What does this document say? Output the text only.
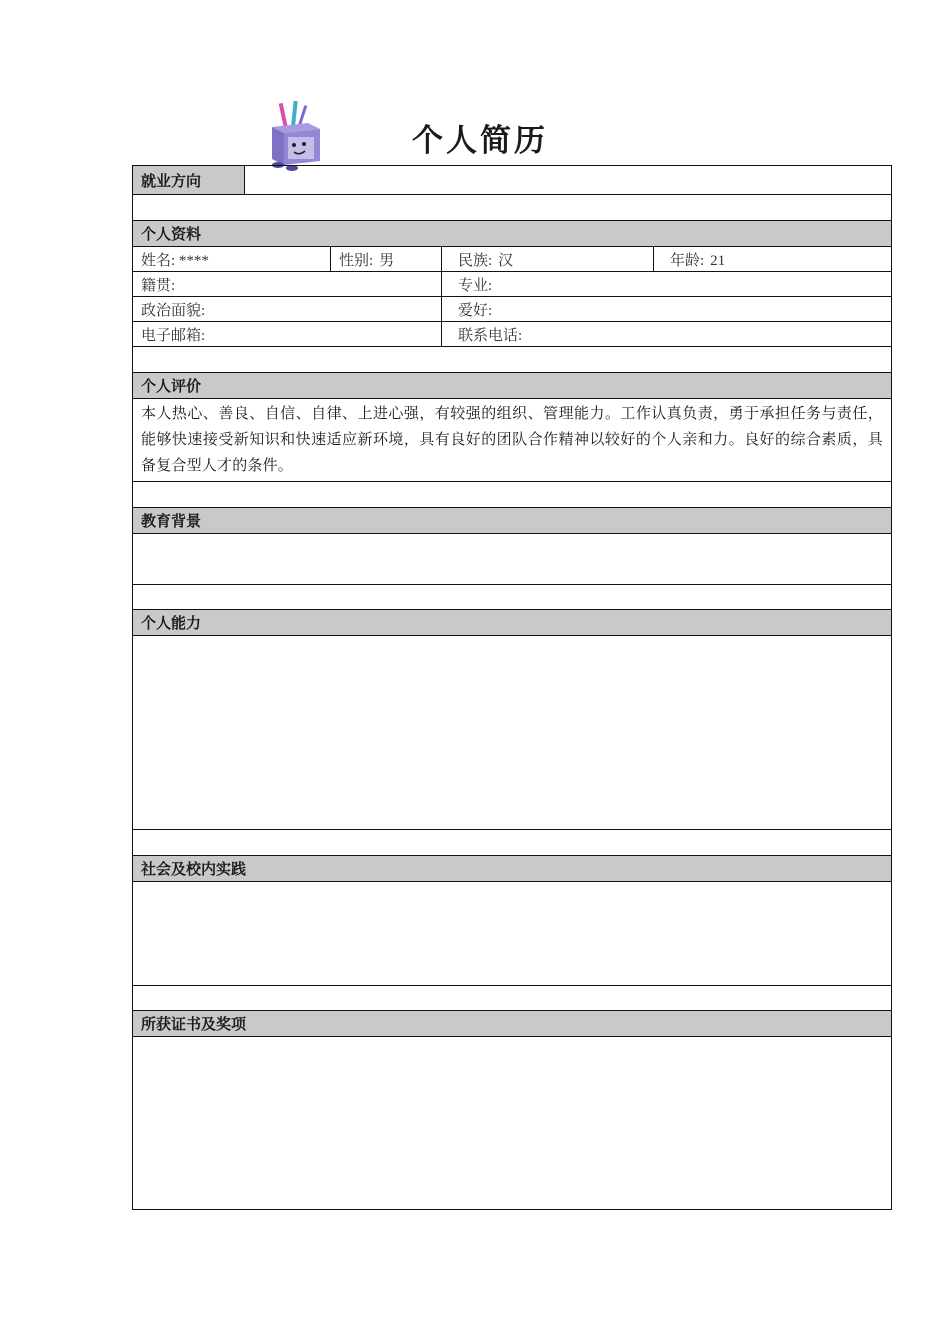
个人简历
就业方向				

个人资料				
姓名: ****		性别: 男	民族: 汉	年龄: 21
籍贯:			专业:	
政治面貌:			爱好:	
电子邮箱:			联系电话:	

个人评价				
本人热心、善良、自信、自律、上进心强，有较强的组织、管理能力。工作认真负责，勇于承担任务与责任，能够快速接受新知识和快速适应新环境，具有良好的团队合作精神以较好的个人亲和力。良好的综合素质，具备复合型人才的条件。				

教育背景				

个人能力				

社会及校内实践				

所获证书及奖项				
